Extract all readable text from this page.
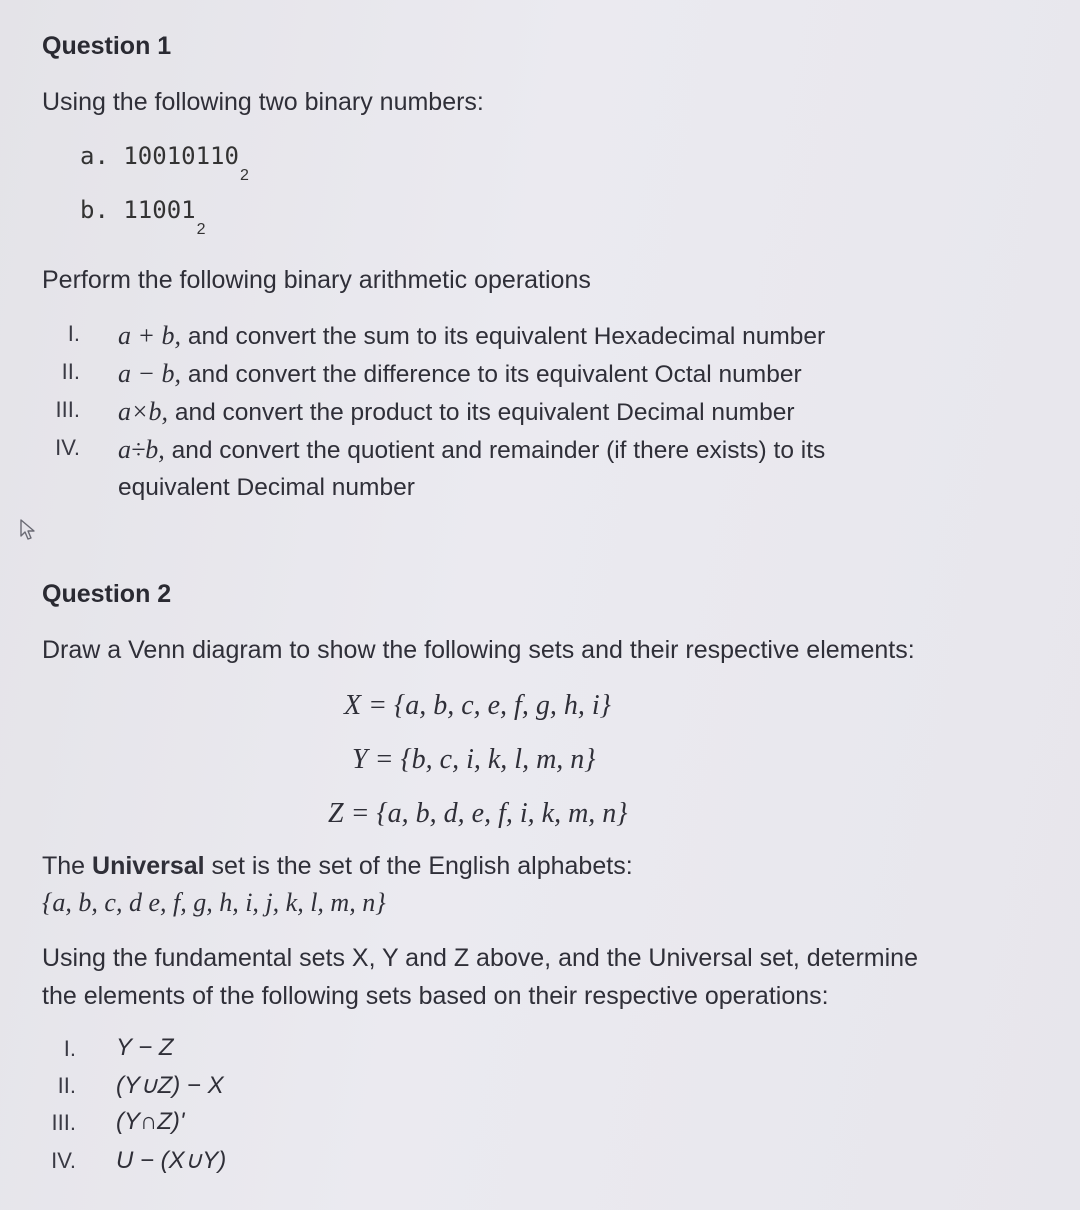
Question 1
Using the following two binary numbers:
a. $10010110_2$
b. $11001_2$
Perform the following binary arithmetic operations
I. a + b, and convert the sum to its equivalent Hexadecimal number
II. a − b, and convert the difference to its equivalent Octal number
III. a×b, and convert the product to its equivalent Decimal number
IV. a÷b, and convert the quotient and remainder (if there exists) to its
equivalent Decimal number
Question 2
Draw a Venn diagram to show the following sets and their respective elements:
X = {a, b, c, e, f, g, h, i}
Y = {b, c, i, k, l, m, n}
Z = {a, b, d, e, f, i, k, m, n}
The Universal set is the set of the English alphabets:
{a, b, c, d e, f, g, h, i, j, k, l, m, n}
Using the fundamental sets X, Y and Z above, and the Universal set, determine
the elements of the following sets based on their respective operations:
I. Y − Z
II. (Y∪Z) − X
III. (Y∩Z)'
IV. U − (X∪Y)
